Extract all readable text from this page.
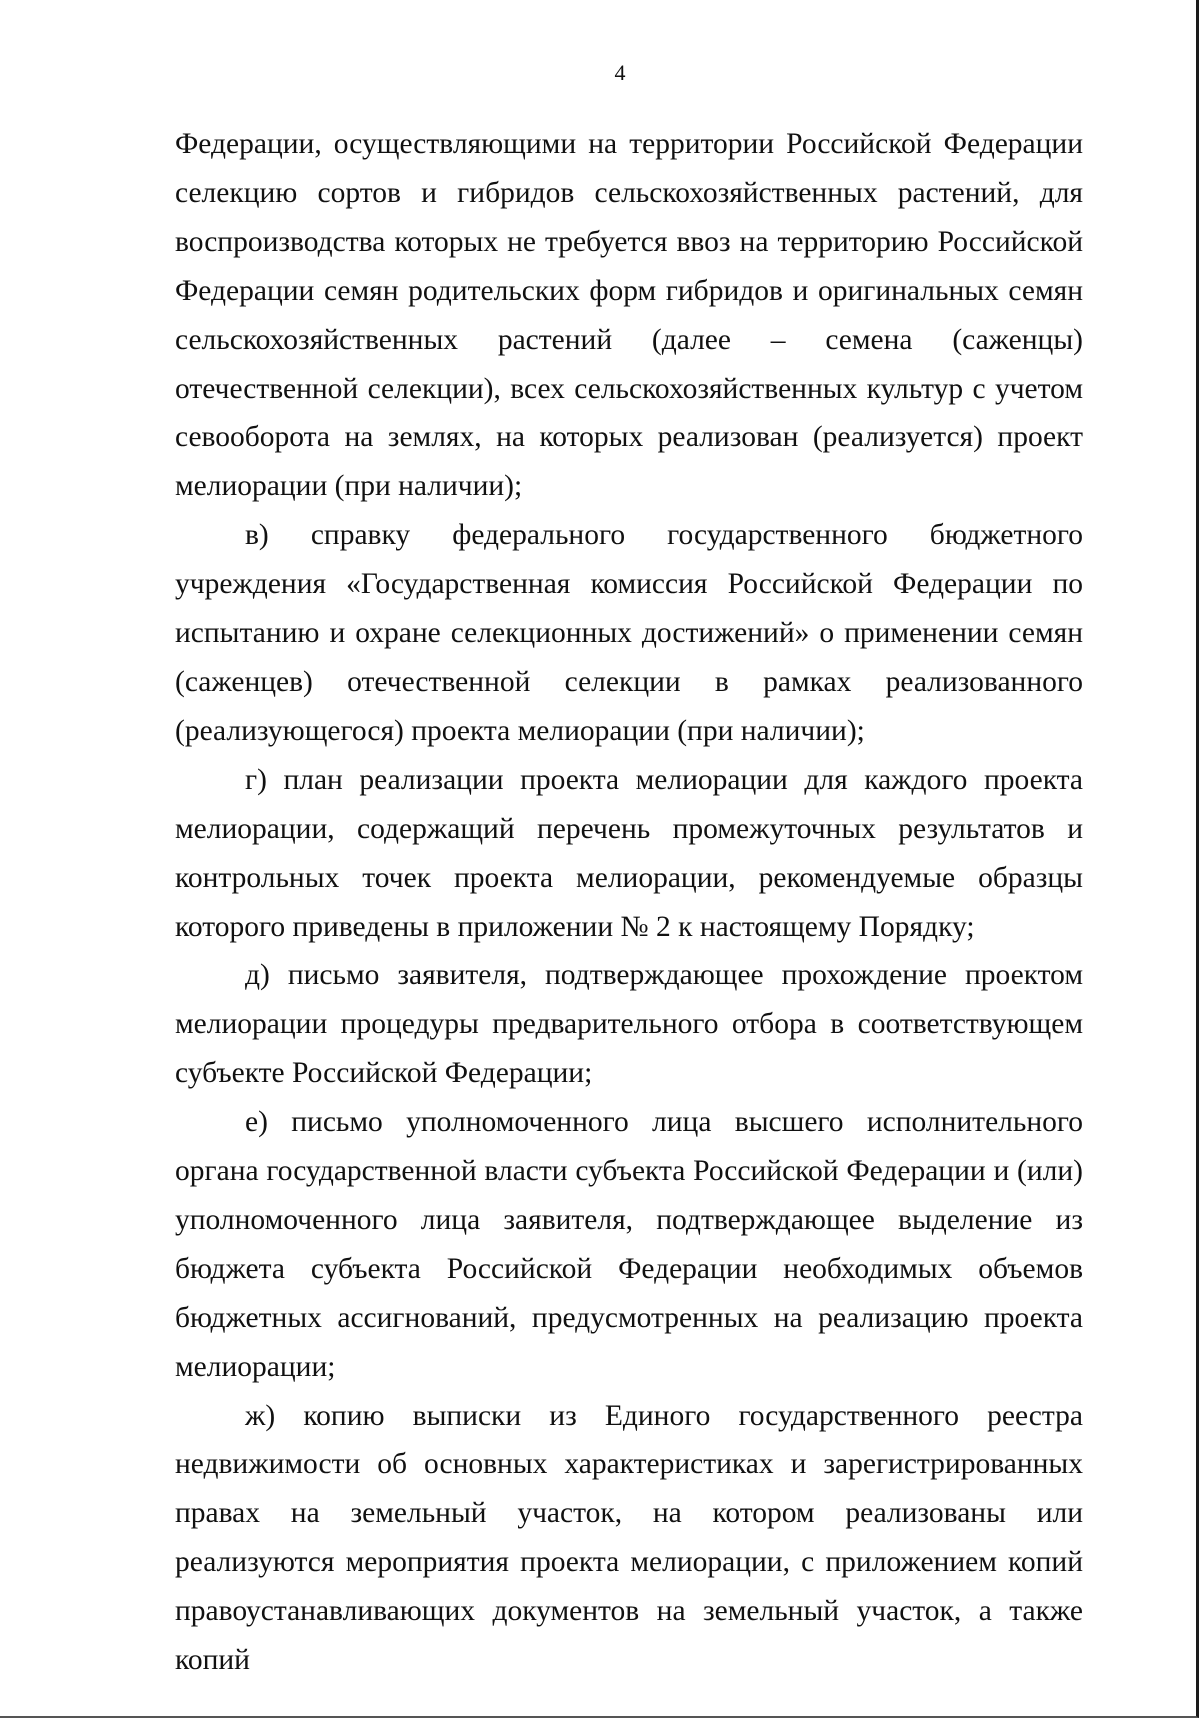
4

Федерации, осуществляющими на территории Российской Федерации селекцию сортов и гибридов сельскохозяйственных растений, для воспроизводства которых не требуется ввоз на территорию Российской Федерации семян родительских форм гибридов и оригинальных семян сельскохозяйственных растений (далее – семена (саженцы) отечественной селекции), всех сельскохозяйственных культур с учетом севооборота на землях, на которых реализован (реализуется) проект мелиорации (при наличии);

в) справку федерального государственного бюджетного учреждения «Государственная комиссия Российской Федерации по испытанию и охране селекционных достижений» о применении семян (саженцев) отечественной селекции в рамках реализованного (реализующегося) проекта мелиорации (при наличии);

г) план реализации проекта мелиорации для каждого проекта мелиорации, содержащий перечень промежуточных результатов и контрольных точек проекта мелиорации, рекомендуемые образцы которого приведены в приложении № 2 к настоящему Порядку;

д) письмо заявителя, подтверждающее прохождение проектом мелиорации процедуры предварительного отбора в соответствующем субъекте Российской Федерации;

е) письмо уполномоченного лица высшего исполнительного органа государственной власти субъекта Российской Федерации и (или) уполномоченного лица заявителя, подтверждающее выделение из бюджета субъекта Российской Федерации необходимых объемов бюджетных ассигнований, предусмотренных на реализацию проекта мелиорации;

ж) копию выписки из Единого государственного реестра недвижимости об основных характеристиках и зарегистрированных правах на земельный участок, на котором реализованы или реализуются мероприятия проекта мелиорации, с приложением копий правоустанавливающих документов на земельный участок, а также копий
